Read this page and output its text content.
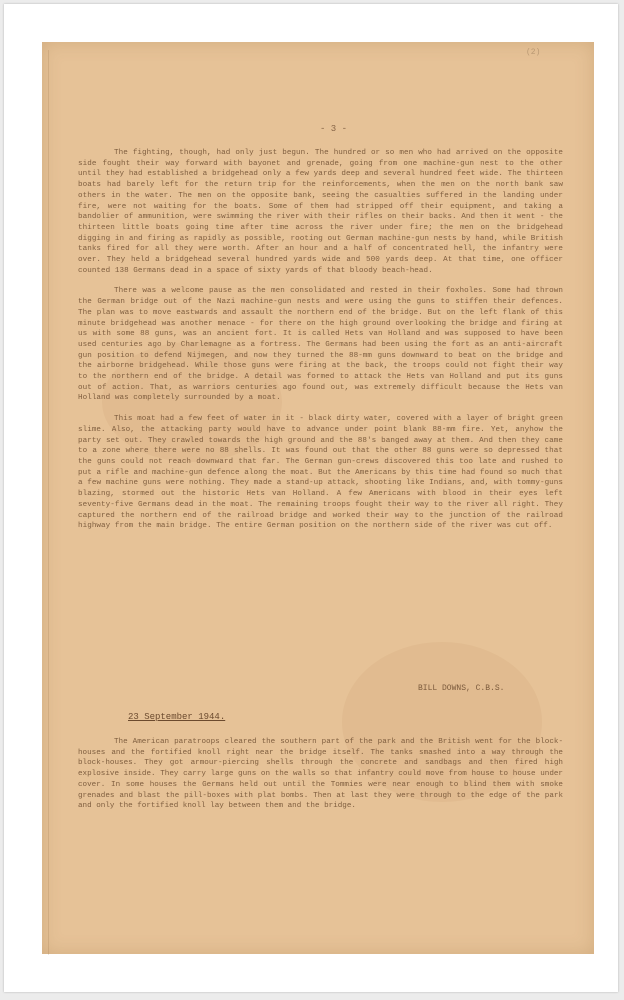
(2)
- 3 -

The fighting, though, had only just begun. The hundred or so men who had arrived on the opposite side fought their way forward with bayonet and grenade, going from one machine-gun nest to the other until they had established a bridgehead only a few yards deep and several hundred feet wide. The thirteen boats had barely left for the return trip for the reinforcements, when the men on the north bank saw others in the water. The men on the opposite bank, seeing the casualties suffered in the landing under fire, were not waiting for the boats. Some of them had stripped off their equipment, and taking a bandolier of ammunition, were swimming the river with their rifles on their backs. And then it went - the thirteen little boats going time after time across the river under fire; the men on the bridgehead digging in and firing as rapidly as possible, rooting out German machine-gun nests by hand, while British tanks fired for all they were worth. After an hour and a half of concentrated hell, the infantry were over. They held a bridgehead several hundred yards wide and 500 yards deep. At that time, one officer counted 138 Germans dead in a space of sixty yards of that bloody beach-head.

There was a welcome pause as the men consolidated and rested in their foxholes. Some had thrown the German bridge out of the Nazi machine-gun nests and were using the guns to stiffen their defences. The plan was to move eastwards and assault the northern end of the bridge. But on the left flank of this minute bridgehead was another menace - for there on the high ground overlooking the bridge and firing at us with some 88 guns, was an ancient fort. It is called Hets van Holland and was supposed to have been used centuries ago by Charlemagne as a fortress. The Germans had been using the fort as an anti-aircraft gun position to defend Nijmegen, and now they turned the 88-mm guns downward to beat on the bridge and the airborne bridgehead. While those guns were firing at the back, the troops could not fight their way to the northern end of the bridge. A detail was formed to attack the Hets van Holland and put its guns out of action. That, as warriors centuries ago found out, was extremely difficult because the Hets van Holland was completely surrounded by a moat.

This moat had a few feet of water in it - black dirty water, covered with a layer of bright green slime. Also, the attacking party would have to advance under point blank 88-mm fire. Yet, anyhow the party set out. They crawled towards the high ground and the 88's banged away at them. And then they came to a zone where there were no 88 shells. It was found out that the other 88 guns were so depressed that the guns could not reach downward that far. The German gun-crews discovered this too late and rushed to put a rifle and machine-gun defence along the moat. But the Americans by this time had found so much that a few machine guns were nothing. They made a stand-up attack, shooting like Indians, and, with tommy-guns blazing, stormed out the historic Hets van Holland. A few Americans with blood in their eyes left seventy-five Germans dead in the moat. The remaining troops fought their way to the river all right. They captured the northern end of the railroad bridge and worked their way to the junction of the railroad highway from the main bridge. The entire German position on the northern side of the river was cut off.

BILL DOWNS, C.B.S.
23 September 1944.

The American paratroops cleared the southern part of the park and the British went for the block-houses and the fortified knoll right near the bridge itself. The tanks smashed into a way through the block-houses. They got armour-piercing shells through the concrete and sandbags and then fired high explosive inside. They carry large guns on the walls so that infantry could move from house to house under cover. In some houses the Germans held out until the Tommies were near enough to blind them with smoke grenades and blast the pill-boxes with plat bombs. Then at last they were through to the edge of the park and only the fortified knoll lay between them and the bridge.
